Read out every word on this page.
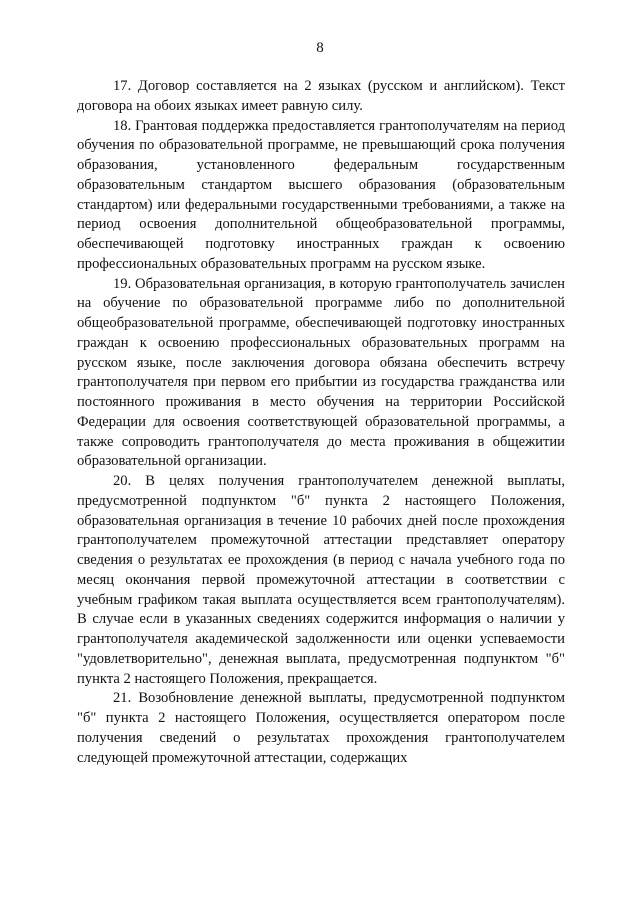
8

17. Договор составляется на 2 языках (русском и английском). Текст договора на обоих языках имеет равную силу.

18. Грантовая поддержка предоставляется грантополучателям на период обучения по образовательной программе, не превышающий срока получения образования, установленного федеральным государственным образовательным стандартом высшего образования (образовательным стандартом) или федеральными государственными требованиями, а также на период освоения дополнительной общеобразовательной программы, обеспечивающей подготовку иностранных граждан к освоению профессиональных образовательных программ на русском языке.

19. Образовательная организация, в которую грантополучатель зачислен на обучение по образовательной программе либо по дополнительной общеобразовательной программе, обеспечивающей подготовку иностранных граждан к освоению профессиональных образовательных программ на русском языке, после заключения договора обязана обеспечить встречу грантополучателя при первом его прибытии из государства гражданства или постоянного проживания в место обучения на территории Российской Федерации для освоения соответствующей образовательной программы, а также сопроводить грантополучателя до места проживания в общежитии образовательной организации.

20. В целях получения грантополучателем денежной выплаты, предусмотренной подпунктом "б" пункта 2 настоящего Положения, образовательная организация в течение 10 рабочих дней после прохождения грантополучателем промежуточной аттестации представляет оператору сведения о результатах ее прохождения (в период с начала учебного года по месяц окончания первой промежуточной аттестации в соответствии с учебным графиком такая выплата осуществляется всем грантополучателям). В случае если в указанных сведениях содержится информация о наличии у грантополучателя академической задолженности или оценки успеваемости "удовлетворительно", денежная выплата, предусмотренная подпунктом "б" пункта 2 настоящего Положения, прекращается.

21. Возобновление денежной выплаты, предусмотренной подпунктом "б" пункта 2 настоящего Положения, осуществляется оператором после получения сведений о результатах прохождения грантополучателем следующей промежуточной аттестации, содержащих
